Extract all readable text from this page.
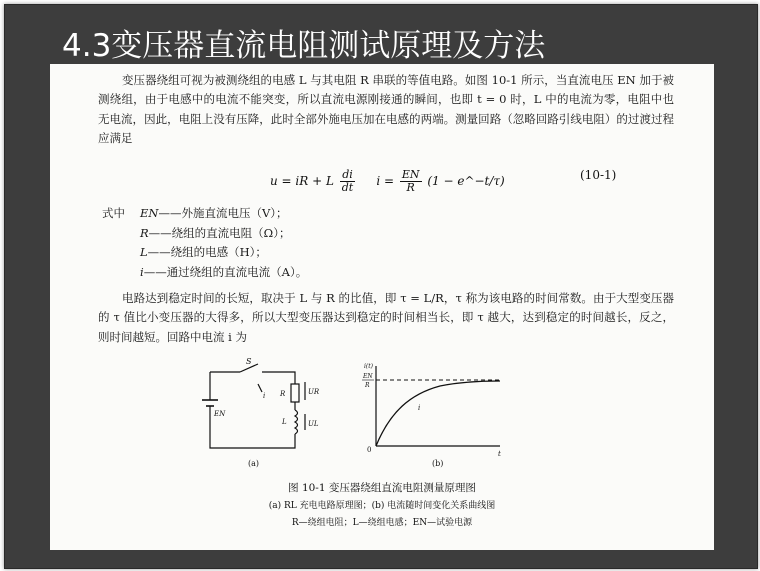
4.3变压器直流电阻测试原理及方法

变压器绕组可视为被测绕组的电感 L 与其电阻 R 串联的等值电路。如图 10-1 所示，当直流电压 EN 加于被测绕组，由于电感中的电流不能突变，所以直流电源刚接通的瞬间，也即 t = 0 时，L 中的电流为零，电阻中也无电流，因此，电阻上没有压降，此时全部外施电压加在电感的两端。测量回路（忽略回路引线电阻）的过渡过程应满足

u = iR + L $\frac{di}{dt}$ $i = \frac{EN}{R} (1$ − e^−t/τ)	(10-1)
式中 EN——外施直流电压（V）；
R——绕组的直流电阻（Ω）；
L——绕组的电感（H）；
i——通过绕组的直流电流（A）。

电路达到稳定时间的长短，取决于 L 与 R 的比值，即 τ = L/R，τ 称为该电路的时间常数。由于大型变压器的 τ 值比小变压器的大得多，所以大型变压器达到稳定的时间相当长，即 τ 越大，达到稳定的时间越长，反之，则时间越短。回路中电流 i 为

S
EN
i R	UR
L	UL
(a)
i(t)
EN
R
i
0	t
(b)
图 10-1 变压器绕组直流电阻测量原理图
(a) RL 充电电路原理图；(b) 电流随时间变化关系曲线图
R—绕组电阻；L—绕组电感；EN—试验电源
